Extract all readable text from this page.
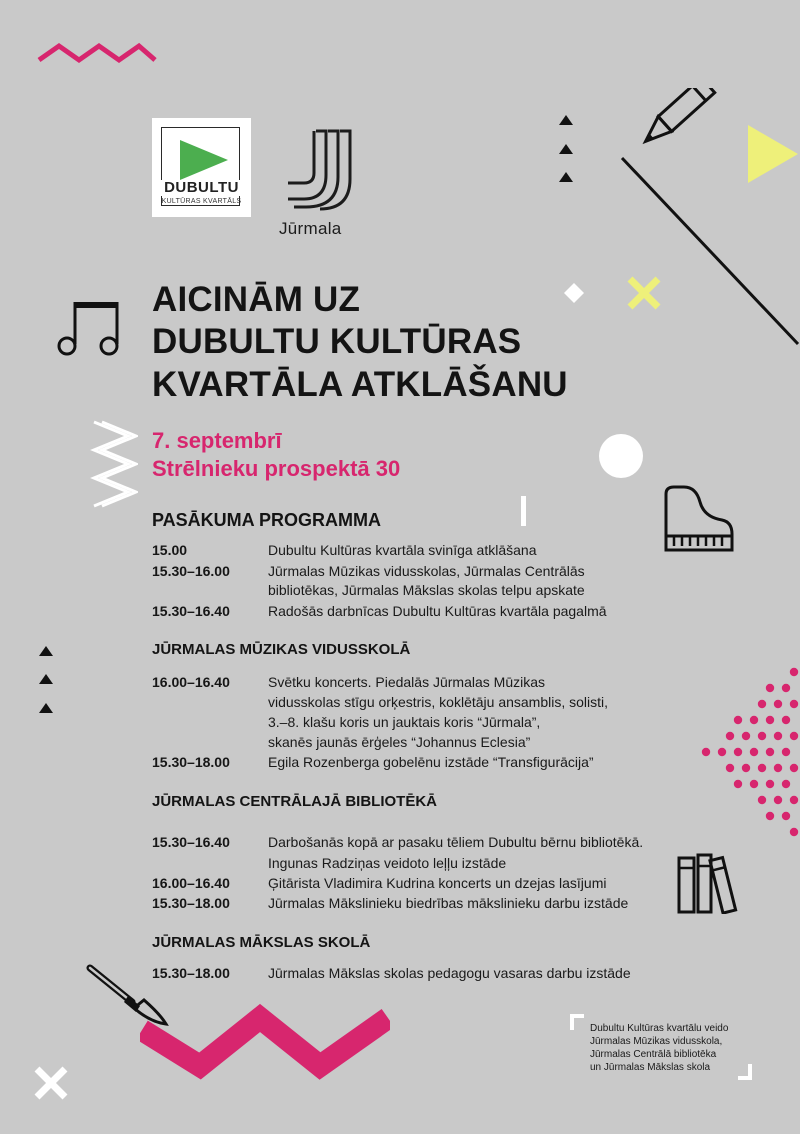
DUBULTU
KULTŪRAS KVARTĀLS
Jūrmala
AICINĀM UZ
DUBULTU KULTŪRAS
KVARTĀLA ATKLĀŠANU
7. septembrī
Strēlnieku prospektā 30
PASĀKUMA PROGRAMMA
15.00	Dubultu Kultūras kvartāla svinīga atklāšana
15.30–16.00	Jūrmalas Mūzikas vidusskolas, Jūrmalas Centrālās
bibliotēkas, Jūrmalas Mākslas skolas telpu apskate
15.30–16.40	Radošās darbnīcas Dubultu Kultūras kvartāla pagalmā
JŪRMALAS MŪZIKAS VIDUSSKOLĀ
16.00–16.40	Svētku koncerts. Piedalās Jūrmalas Mūzikas
vidusskolas stīgu orķestris, koklētāju ansamblis, solisti,
3.–8. klašu koris un jauktais koris “Jūrmala”,
skanēs jaunās ērģeles “Johannus Eclesia”
15.30–18.00	Egila Rozenberga gobelēnu izstāde “Transfigurācija”
JŪRMALAS CENTRĀLAJĀ BIBLIOTĒKĀ
15.30–16.40	Darbošanās kopā ar pasaku tēliem Dubultu bērnu bibliotēkā.
Ingunas Radziņas veidoto leļļu izstāde
16.00–16.40	Ģitārista Vladimira Kudrina koncerts un dzejas lasījumi
15.30–18.00	Jūrmalas Mākslinieku biedrības mākslinieku darbu izstāde
JŪRMALAS MĀKSLAS SKOLĀ
15.30–18.00	Jūrmalas Mākslas skolas pedagogu vasaras darbu izstāde
Dubultu Kultūras kvartālu veido
Jūrmalas Mūzikas vidusskola,
Jūrmalas Centrālā bibliotēka
un Jūrmalas Mākslas skola
